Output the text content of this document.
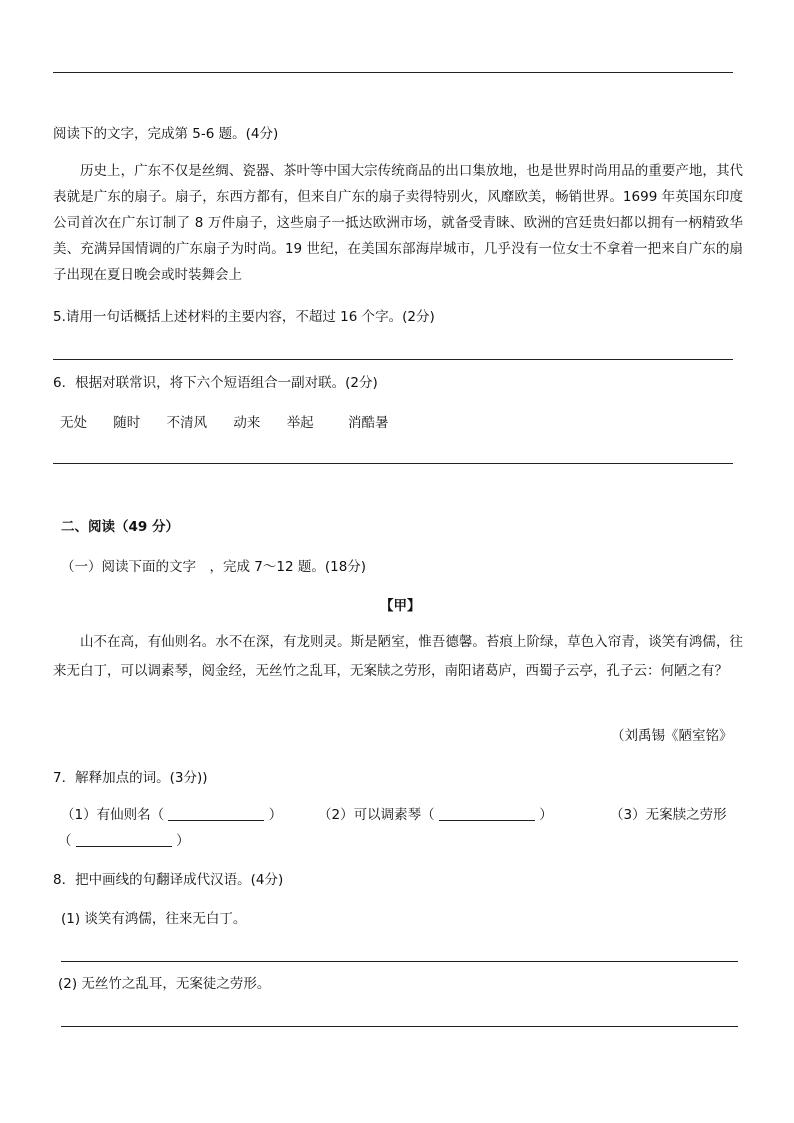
阅读下的文字，完成第 5-6 题。(4分)
历史上，广东不仅是丝绸、瓷器、茶叶等中国大宗传统商品的出口集放地，也是世界时尚用品的重要产地，其代表就是广东的扇子。扇子，东西方都有，但来自广东的扇子卖得特别火，风靡欧美，畅销世界。1699 年英国东印度公司首次在广东订制了 8 万件扇子，这些扇子一抵达欧洲市场，就备受青睐、欧洲的宫廷贵妇都以拥有一柄精致华美、充满异国情调的广东扇子为时尚。19 世纪，在美国东部海岸城市，几乎没有一位女士不拿着一把来自广东的扇子出现在夏日晚会或时装舞会上
5.请用一句话概括上述材料的主要内容，不超过 16 个字。(2分)
6．根据对联常识，将下六个短语组合一副对联。(2分)
无处 随时 不清风 动来 举起	消酷暑
二、阅读（49 分）
（一）阅读下面的文字　，完成 7～12 题。(18分)
【甲】
山不在高，有仙则名。水不在深，有龙则灵。斯是陋室，惟吾德馨。苔痕上阶绿，草色入帘青，谈笑有鸿儒，往来无白丁，可以调素琴，阅金经，无丝竹之乱耳，无案牍之劳形，南阳诸葛庐，西蜀子云亭，孔子云：何陋之有？
（刘禹锡《陋室铭》
7．解释加点的词。(3分))
（1）有仙则名（	）	（2）可以调素琴（	）	（3）无案牍之劳形
（	）
8．把中画线的句翻译成代汉语。(4分)
(1) 谈笑有鸿儒，往来无白丁。
(2) 无丝竹之乱耳，无案徒之劳形。
